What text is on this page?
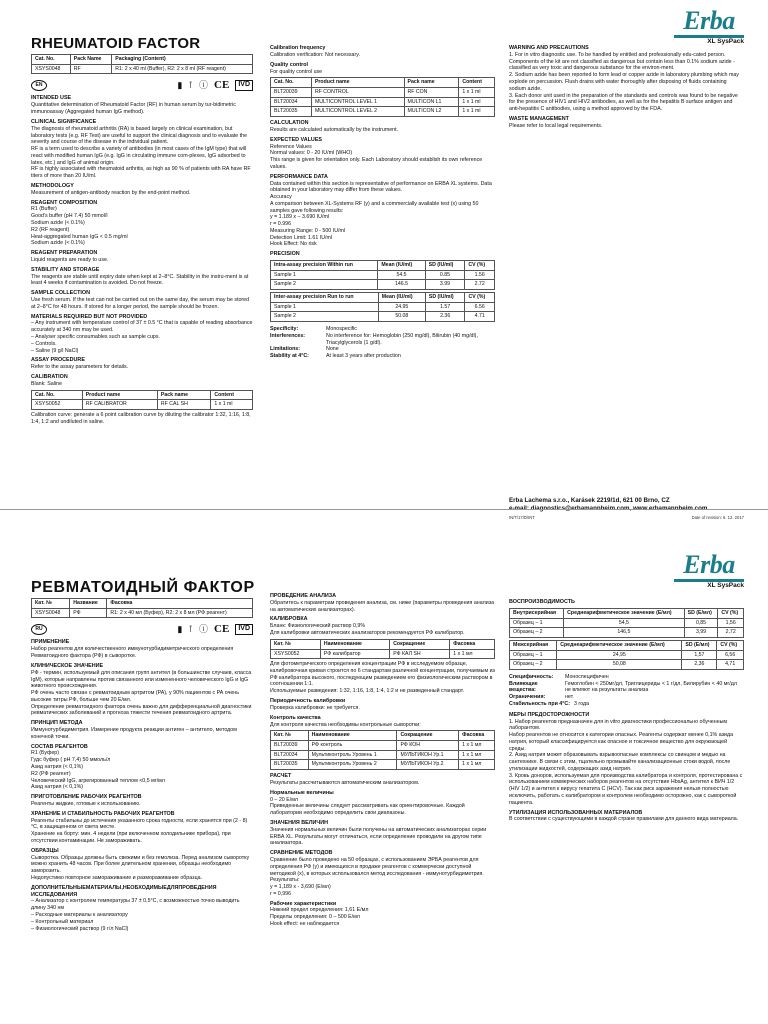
Erba
XL SysPack
RHEUMATOID FACTOR
Cat. No.	Pack Name	Packaging (Content)
XSYS0048	RF	R1: 2 x 40 ml (Buffer), R2: 2 x 8 ml (RF reagent)
EN	▮ ⊺ ⓘ CE	IVD

INTENDED USE

Quantitative determination of Rheumatoid Factor (RF) in human serum by tur-bidimetric immunoassay (Aggregated human IgG method).

CLINICAL SIGNIFICANCE

The diagnosis of rheumatoid arthritis (RA) is based largely on clinical examination, but laboratory tests (e.g. RF Test) are useful to support the clinical diagnosis and to evaluate the severity and course of the disease in the individual patient.

RF is a term used to describe a variety of antibodies (in most cases of the IgM type) that will react with modified human IgG (e.g. IgG in circulating immune com-plexes, IgG adsorbed to latex, etc.) and IgG of animal origin.

RF is highly associated with rheumatoid arthritis, as high as 90 % of patients with RA have RF titers of more than 20 IU/ml.

METHODOLOGY

Measurement of antigen-antibody reaction by the end-point method.

REAGENT COMPOSITION

R1 (Buffer)

Good's buffer (pH 7.4) 50 mmol/l

Sodium azide (< 0.1%)

R2 (RF reagent)

Heat-aggregated human IgG < 0.5 mg/ml

Sodium azide (< 0.1%)

REAGENT PREPARATION

Liquid reagents are ready to use.

STABILITY AND STORAGE

The reagents are stable until expiry date when kept at 2–8°C. Stability in the instru-ment is at least 4 weeks if contamination is avoided. Do not freeze.

SAMPLE COLLECTION

Use fresh serum. If the test can not be carried out on the same day, the serum may be stored at 2–8°C for 48 hours. If stored for a longer period, the sample should be frozen.

MATERIALS REQUIRED BUT NOT PROVIDED

– Any instrument with temperature control of 37 ± 0.5 °C that is capable of reading absorbance accurately at 340 nm may be used.

– Analyser specific consumables such as sample cups.

– Controls.

– Saline (9 g/l NaCl)

ASSAY PROCEDURE

Refer to the assay parameters for details.

CALIBRATION

Blank: Saline

Cat. No.	Product name	Pack name	Content
XSYS0052	RF CALIBRATOR	RF CAL SH	1 x 1 ml

Calibration curve: generate a 6 point calibration curve by diluting the calibrator 1:32, 1:16, 1:8, 1:4, 1:2 and undiluted in saline.

Calibration frequency

Calibration verification: Not necessary.

Quality control

For quality control use

Cat. No.	Product name	Pack name	Content
BLT20039	RF CONTROL	RF CON	1 x 1 ml
BLT20034	MULTICONTROL LEVEL 1	MULTICON L1	1 x 1 ml
BLT20035	MULTICONTROL LEVEL 2	MULTICON L2	1 x 1 ml

CALCULATION

Results are calculated automatically by the instrument.

EXPECTED VALUES

Reference Values

Normal values: 0 - 20 IU/ml (WHO)

This range is given for orientation only. Each Laboratory should establish its own reference values.

PERFORMANCE DATA

Data contained within this section is representative of performance on ERBA XL systems. Data obtained in your laboratory may differ from these values.

Accuracy

A comparison between XL-Systems RF (y) and a commercially available test (x) using 50 samples gave following results:

y = 1.189 x – 3.690 IU/ml

r = 0.996

Measuring Range: 0 - 500 IU/ml

Detection Limit: 1.61 IU/ml

Hook Effect: No risk

PRECISION

Intra-assay precision Within run	Mean (IU/ml)	SD (IU/ml)	CV (%)
Sample 1	54.5	0.85	1.56
Sample 2	146.5	3.99	2.72
Inter-assay precision Run to run	Mean (IU/ml)	SD (IU/ml)	CV (%)
Sample 1	24.95	1.57	6.56
Sample 2	50.08	2.36	4.71
Specificity:	Monospecific
Interferences:	No interference for: Hemoglobin (250 mg/dl), Bilirubin (40 mg/dl), Triacylglycerols (1 g/dl).
Limitations:	None
Stability at 4°C:	At least 3 years after production

WARNING AND PRECAUTIONS

1. For in vitro diagnostic use. To be handled by entitled and professionally edu-cated person.

Components of the kit are not classified as dangerous but contain less than 0.1% sodium azide - classified as very toxic and dangerous substance for the environ-ment.

2. Sodium azide has been reported to form lead or copper azide in laboratory plumbing which may explode on percussion. Flush drains with water thoroughly after disposing of fluids containing sodium azide.

3. Each donor unit used in the preparation of the standards and controls was found to be negative for the presence of HIV1 and HIV2 antibodies, as well as for the hepatitis B surface antigen and anti-hepatitis C antibodies, using a method approved by the FDA.

WASTE MANAGEMENT

Please refer to local legal requirements.

Erba Lachema s.r.o., Karásek 2219/1d, 621 00 Brno, CZ
e-mail: diagnostics@erbamannheim.com, www.erbamannheim.com
IN/T/17/D/INT	Date of revision: 6. 12. 2017
Erba
XL SysPack
РЕВМАТОИДНЫЙ ФАКТОР
Кат. №	Название	Фасовка
XSYS0048	РФ	R1: 2 x 40 мл (Буфер), R2: 2 x 8 мл (РФ реагент)
RU	▮ ⊺ ⓘ CE	IVD

ПРИМЕНЕНИЕ

Набор реагентов для количественного иммунотурбидиметрического определения Ревматоидного фактора (РФ) в сыворотке.

КЛИНИЧЕСКОЕ ЗНАЧЕНИЕ

РФ - термин, используемый для описания групп антител (в большинстве случаев, класса IgM), которые направлены против связанного или измененного человеческого IgG и IgG животного происхождения.

РФ очень часто связан с ревматоидным артритом (РА), у 90% пациентов с РА очень высокие титры РФ, больше чем 20 Е/мл.

Определение ревматоидного фактора очень важно для дифференциальной диагностики ревматических заболеваний и прогноза тяжести течения ревматоидного артрита.

ПРИНЦИП МЕТОДА

Иммунотурбидиметрия. Измерение продукта реакции антиген – антитело, методом конечной точки.

СОСТАВ РЕАГЕНТОВ

R1 (Буфер)

Гудс буфер ( pH 7,4) 50 ммоль/л

Азид натрия (< 0,1%)

R2 (РФ реагент)

Человеческий IgG, агрегированный теплом <0,5 мг/мл

Азид натрия (< 0,1%)

ПРИГОТОВЛЕНИЕ РАБОЧИХ РЕАГЕНТОВ

Реагенты жидкие, готовые к использованию.

ХРАНЕНИЕ И СТАБИЛЬНОСТЬ РАБОЧИХ РЕАГЕНТОВ

Реагенты стабильны до истечения указанного срока годности, если хранятся при (2 - 8)°С, в защищенном от света месте.

Хранение на борту: мин. 4 недели (при включенном холодильнике прибора), при отсутствии контаминации. Не замораживать.

ОБРАЗЦЫ

Сыворотка. Образцы должны быть свежими и без гемолиза. Перед анализом сыворотку можно хранить 48 часов. При более длительном хранении, образцы необходимо заморозить.

Недопустимо повторное замораживание и размораживание образца.

ДОПОЛНИТЕЛЬНЫЕМАТЕРИАЛЫ,НЕОБХОДИМЫЕДЛЯПРОВЕДЕНИЯ ИССЛЕДОВАНИЯ

– Анализатор с контролем температуры 37 ± 0,5°С, с возможностью точно выводить длину 340 нм

– Расходные материалы к анализатору

– Контрольный материал

– Физиологический раствор (9 г/л NaCl)

ПРОВЕДЕНИЕ АНАЛИЗА

Обратитесь к параметрам проведения анализа, см. ниже (параметры проведения анализа на автоматических анализаторах).

КАЛИБРОВКА

Бланк: Физиологический раствор 0,9%

Для калибровки автоматических анализаторов рекомендуется РФ калибратор.

Кат. №	Наименование	Сокращение	Фасовка
XSYS0052	РФ калибратор	РФ КАЛ SH	1 x 1 мл

Для фотометрического определения концентрации РФ в исследуемом образце, калибровочная кривая строится по 6 стандартам различной концентрации, получаемым из РФ калибратора высокого, последующим разведением его физиологическим раствором в соотношении 1:1.

Используемые разведения: 1:32, 1:16, 1:8, 1:4, 1:2 и не разведенный стандарт.

Периодичность калибровки

Проверка калибровки: не требуется.

Контроль качества

Для контроля качества необходимы контрольные сыворотки:

Кат. №	Наименование	Сокращение	Фасовка
BLT20039	РФ контроль	РФ КОН	1 x 1 мл
BLT20034	Мультиконтроль Уровень 1	МУЛЬТИКОН Ур.1	1 x 1 мл
BLT20035	Мультиконтроль Уровень 2	МУЛЬТИКОН Ур.2	1 x 1 мл

РАСЧЕТ

Результаты рассчитываются автоматическим анализатором.

Нормальные величины

0 – 20 Е/мл

Приведенные величины следует рассматривать как ориентировочные. Каждой лаборатории необходимо определить свои диапазоны.

ЗНАЧЕНИЯ ВЕЛИЧИН

Значения нормальных величин были получены на автоматических анализаторах серии ERBA XL. Результаты могут отличаться, если определение проводили на другом типе анализатора.

СРАВНЕНИЕ МЕТОДОВ

Сравнение было проведено на 50 образцах, с использованием ЭРБА реагентов для определения РФ (y) и имеющихся в продаже реагентов с коммерчески доступной методикой (x), в которых использовался метод исследования - иммунотурбидиметрия.

Результаты:

y = 1,189 x - 3,690 (Е/мл)

r = 0,996

Рабочие характеристики

Нижний предел определения: 1,61 Е/мл

Пределы определения: 0 – 500 Е/мл

Hook effect: не наблюдается

ВОСПРОИЗВОДИМОСТЬ

Внутрисерийная	Среднеарифметическое значение (Е/мл)	SD (Е/мл)	CV (%)
Образец – 1	54,5	0,85	1,56
Образец – 2	146,5	3,99	2,72
Межсерийная	Среднеарифметическое значение (Е/мл)	SD (Е/мл)	CV (%)
Образец – 1	24,95	1,57	6,56
Образец – 2	50,08	2,36	4,71
Специфичность:	Моноспецифичен
Влияющие вещества:
Гемоглобин < 250мг/дл, Триглицериды < 1 г/дл, Билирубин < 40 мг/дл не влияют на результаты анализа
Ограничения:	нет
Стабильность при 4°С: 3 года

МЕРЫ ПРЕДОСТОРОЖНОСТИ

1. Набор реагентов предназначен для in vitro диагностики профессионально обученным лаборантом.

Набор реагентов не относится к категории опасных. Реагенты содержат менее 0,1% азида натрия, который классифицируется как опасное и токсичное вещество для окружающей среды.

2. Азид натрия может образовывать взрывоопасные комплексы со свинцом и медью на сантехнике. В связи с этим, тщательно промывайте канализационные стоки водой, после утилизации жидкостей, содержащих азид натрия.

3. Кровь доноров, используемая для производства калибратора и контроля, протестирована с использованием коммерческих наборов реагентов на отсутствие HbsAg, антител к ВИЧ 1/2 (HIV 1/2) и антител к вирусу гепатита С (HCV). Так как риск заражения нельзя полностью исключить, работать с калибратором и контролем необходимо осторожно, как с сывороткой пациента.

УТИЛИЗАЦИЯ ИСПОЛЬЗОВАННЫХ МАТЕРИАЛОВ

В соответствии с существующими в каждой стране правилами для данного вида материала.
